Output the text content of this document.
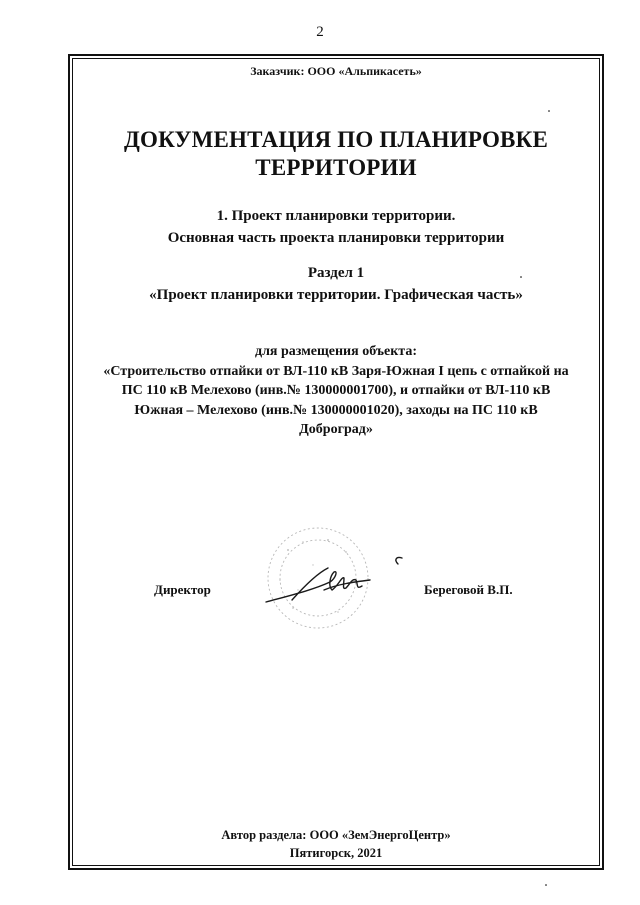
2
Заказчик: ООО «Альпикасеть»
ДОКУМЕНТАЦИЯ ПО ПЛАНИРОВКЕ
ТЕРРИТОРИИ
1. Проект планировки территории.
Основная часть проекта планировки территории
Раздел 1
«Проект планировки территории. Графическая часть»
для размещения объекта:
«Строительство отпайки от ВЛ-110 кВ Заря-Южная I цепь с отпайкой на
ПС 110 кВ Мелехово (инв.№ 130000001700), и отпайки от ВЛ-110 кВ
Южная – Мелехово (инв.№ 130000001020), заходы на ПС 110 кВ
Доброград»
Директор	Береговой В.П.
Автор раздела: ООО «ЗемЭнергоЦентр»
Пятигорск, 2021
